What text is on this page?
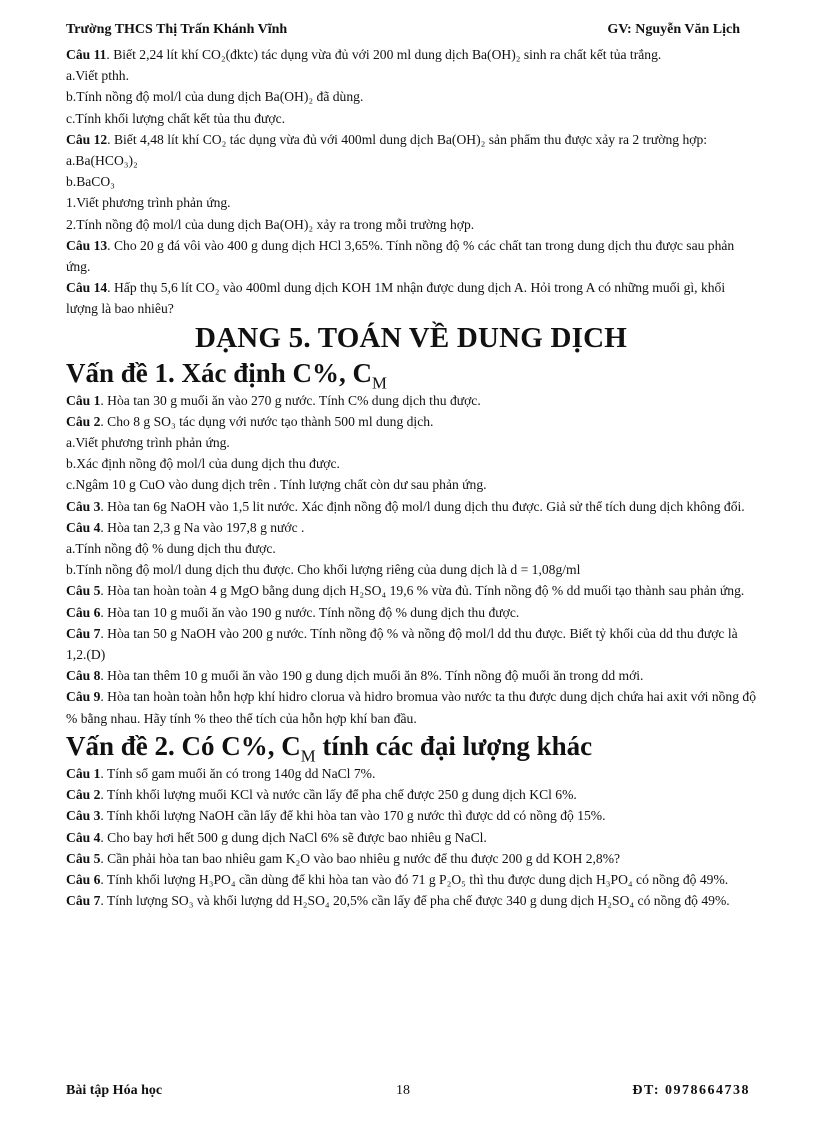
Trường THCS Thị Trấn Khánh Vĩnh	GV: Nguyễn Văn Lịch

Câu 11. Biết 2,24 lít khí CO₂(đktc) tác dụng vừa đủ với 200 ml dung dịch Ba(OH)₂ sinh ra chất kết tủa trắng.

a.Viết pthh.

b.Tính nồng độ mol/l của dung dịch Ba(OH)₂ đã dùng.

c.Tính khối lượng chất kết tủa thu được.

Câu 12. Biết 4,48 lít khí CO₂ tác dụng vừa đủ với 400ml dung dịch Ba(OH)₂ sản phẩm thu được xảy ra 2 trường hợp:

a.Ba(HCO₃)₂

b.BaCO₃

1.Viết phương trình phản ứng.

2.Tính nồng độ mol/l của dung dịch Ba(OH)₂ xảy ra trong mỗi trường hợp.

Câu 13. Cho 20 g đá vôi vào 400 g dung dịch HCl 3,65%. Tính nồng độ % các chất tan trong dung dịch thu được sau phản ứng.

Câu 14. Hấp thụ 5,6 lít CO₂ vào 400ml dung dịch KOH 1M nhận được dung dịch A. Hỏi trong A có những muối gì, khối lượng là bao nhiêu?

DẠNG 5. TOÁN VỀ DUNG DỊCH
Vấn đề 1. Xác định C%, $C_M$

Câu 1. Hòa tan 30 g muối ăn vào 270 g nước. Tính C% dung dịch thu được.

Câu 2. Cho 8 g SO₃ tác dụng với nước tạo thành 500 ml dung dịch.

a.Viết phương trình phản ứng.

b.Xác định nồng độ mol/l của dung dịch thu được.

c.Ngâm 10 g CuO vào dung dịch trên . Tính lượng chất còn dư sau phản ứng.

Câu 3. Hòa tan 6g NaOH vào 1,5 lit nước. Xác định nồng độ mol/l dung dịch thu được. Giả sử thể tích dung dịch không đổi.

Câu 4. Hòa tan 2,3 g Na vào 197,8 g nước .

a.Tính nồng độ % dung dịch thu được.

b.Tính nồng độ mol/l dung dịch thu được. Cho khối lượng riêng của dung dịch là d = 1,08g/ml

Câu 5. Hòa tan hoàn toàn 4 g MgO bằng dung dịch H₂SO₄ 19,6 % vừa đủ. Tính nồng độ % dd muối tạo thành sau phản ứng.

Câu 6. Hòa tan 10 g muối ăn vào 190 g nước. Tính nồng độ % dung dịch thu được.

Câu 7. Hòa tan 50 g NaOH vào 200 g nước. Tính nồng độ % và nồng độ mol/l dd thu được. Biết tỷ khối của dd thu được là 1,2.(D)

Câu 8. Hòa tan thêm 10 g muối ăn vào 190 g dung dịch muối ăn 8%. Tính nồng độ muối ăn trong dd mới.

Câu 9. Hòa tan hoàn toàn hỗn hợp khí hidro clorua và hidro bromua vào nước ta thu được dung dịch chứa hai axit với nồng độ % bằng nhau. Hãy tính % theo thể tích của hỗn hợp khí ban đầu.

Vấn đề 2. Có C%, $C_M$ tính các đại lượng khác

Câu 1. Tính số gam muối ăn có trong 140g dd NaCl 7%.

Câu 2. Tính khối lượng muối KCl và nước cần lấy để pha chế được 250 g dung dịch KCl 6%.

Câu 3. Tính khối lượng NaOH cần lấy để khi hòa tan vào 170 g nước thì được dd có nồng độ 15%.

Câu 4. Cho bay hơi hết 500 g dung dịch NaCl 6% sẽ được bao nhiêu g NaCl.

Câu 5. Cần phải hòa tan bao nhiêu gam K₂O vào bao nhiêu g nước để thu được 200 g dd KOH 2,8%?

Câu 6. Tính khối lượng H₃PO₄ cần dùng để khi hòa tan vào đó 71 g P₂O₅ thì thu được dung dịch H₃PO₄ có nồng độ 49%.

Câu 7. Tính lượng SO₃ và khối lượng dd H₂SO₄ 20,5% cần lấy để pha chế được 340 g dung dịch H₂SO₄ có nồng độ 49%.

Bài tập Hóa học	18	ĐT: 0978664738
